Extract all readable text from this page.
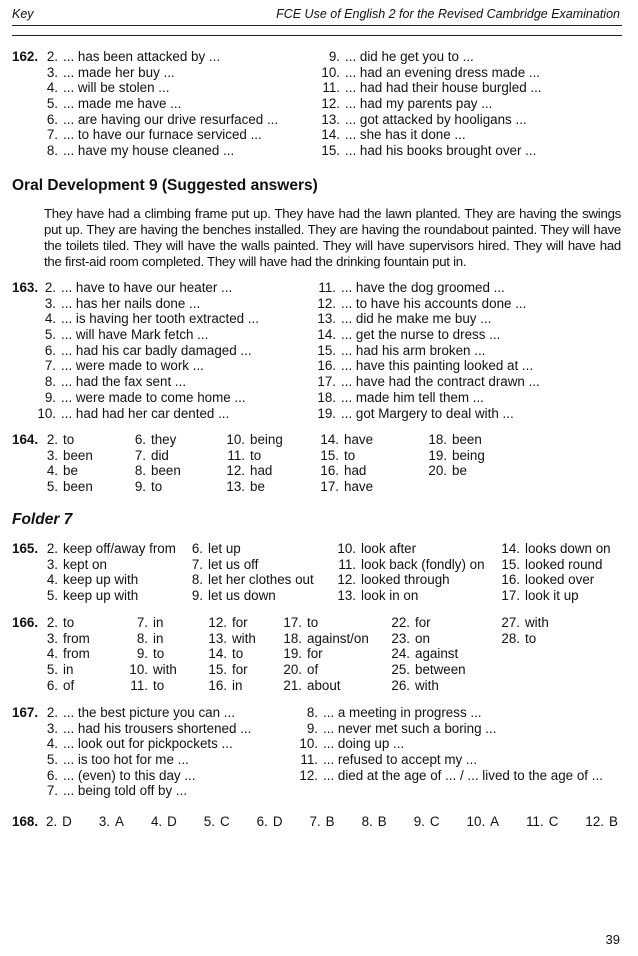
Key	FCE Use of English 2 for the Revised Cambridge Examination
162. 2. ... has been attacked by ...
3. ... made her buy ...
4. ... will be stolen ...
5. ... made me have ...
6. ... are having our drive resurfaced ...
7. ... to have our furnace serviced ...
8. ... have my house cleaned ...
9. ... did he get you to ...
10. ... had an evening dress made ...
11. ... had had their house burgled ...
12. ... had my parents pay ...
13. ... got attacked by hooligans ...
14. ... she has it done ...
15. ... had his books brought over ...
Oral Development 9 (Suggested answers)
They have had a climbing frame put up. They have had the lawn planted. They are having the swings put up. They are having the benches installed. They are having the roundabout painted. They will have the toilets tiled. They will have the walls painted. They will have supervisors hired. They will have had the first-aid room completed. They will have had the drinking fountain put in.
163. 2. ... have to have our heater ...
3. ... has her nails done ...
4. ... is having her tooth extracted ...
5. ... will have Mark fetch ...
6. ... had his car badly damaged ...
7. ... were made to work ...
8. ... had the fax sent ...
9. ... were made to come home ...
10. ... had had her car dented ...
11. ... have the dog groomed ...
12. ... to have his accounts done ...
13. ... did he make me buy ...
14. ... get the nurse to dress ...
15. ... had his arm broken ...
16. ... have this painting looked at ...
17. ... have had the contract drawn ...
18. ... made him tell them ...
19. ... got Margery to deal with ...
164. 2. to
3. been
4. be
5. been
6. they
7. did
8. been
9. to
10. being
11. to
12. had
13. be
14. have
15. to
16. had
17. have
18. been
19. being
20. be
Folder 7
165. 2. keep off/away from
3. kept on
4. keep up with
5. keep up with
6. let up
7. let us off
8. let her clothes out
9. let us down
10. look after
11. look back (fondly) on
12. looked through
13. look in on
14. looks down on
15. looked round
16. looked over
17. look it up
166. 2. to
3. from
4. from
5. in
6. of
7. in
8. in
9. to
10. with
11. to
12. for
13. with
14. to
15. for
16. in
17. to
18. against/on
19. for
20. of
21. about
22. for
23. on
24. against
25. between
26. with
27. with
28. to
167. 2. ... the best picture you can ...
3. ... had his trousers shortened ...
4. ... look out for pickpockets ...
5. ... is too hot for me ...
6. ... (even) to this day ...
7. ... being told off by ...
8. ... a meeting in progress ...
9. ... never met such a boring ...
10. ... doing up ...
11. ... refused to accept my ...
12. ... died at the age of ... / ... lived to the age of ...
168. 2. D 3. A 4. D 5. C 6. D 7. B 8. B 9. C 10. A 11. C 12. B
39
